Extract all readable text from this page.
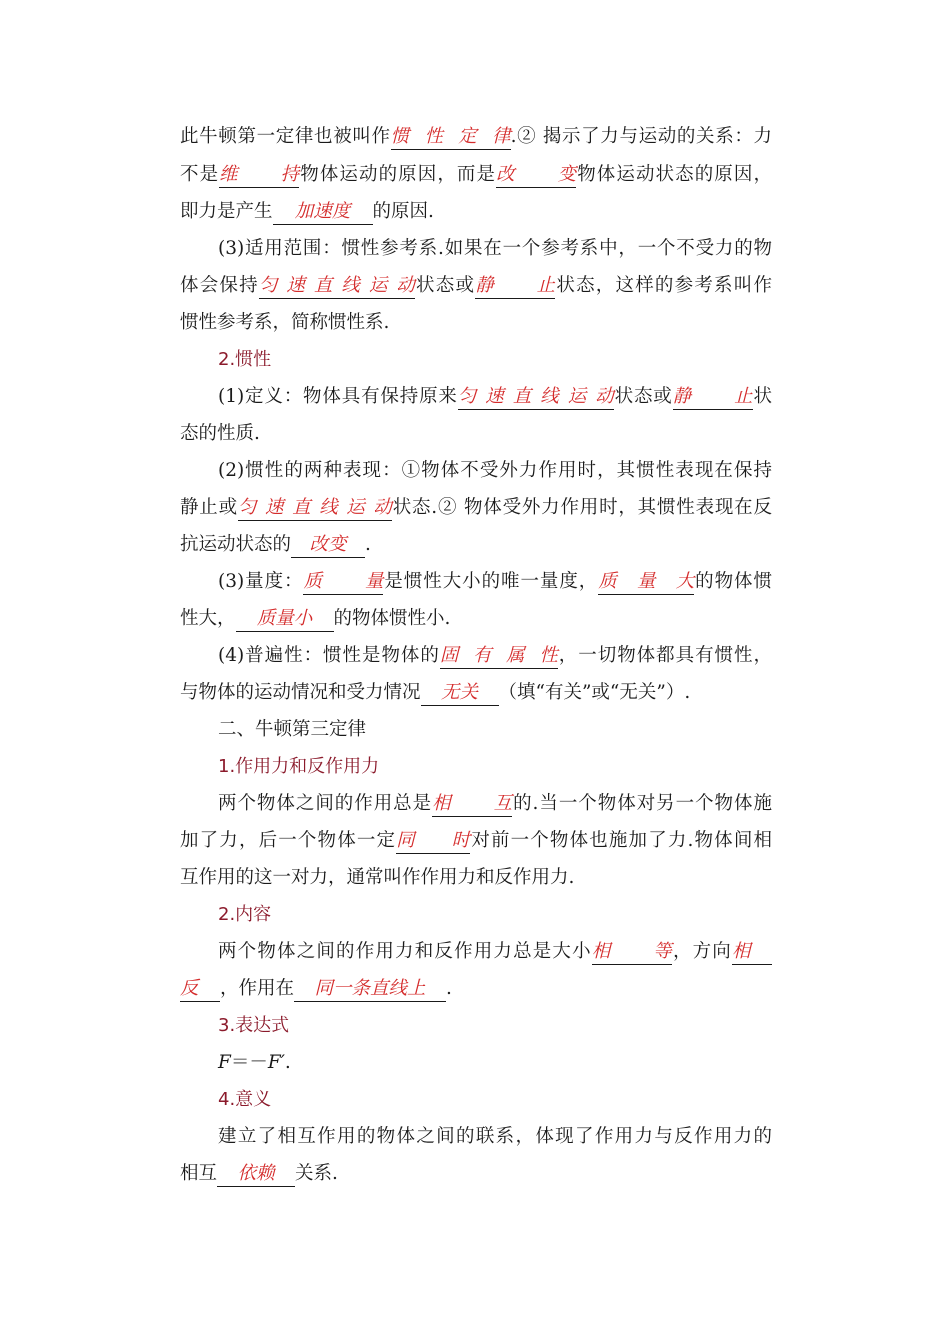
此牛顿第一定律也被叫作惯性定律.② 揭示了力与运动的关系：力
不是维持物体运动的原因，而是改变物体运动状态的原因，
即力是产生 加速度 的原因.
(3)适用范围：惯性参考系.如果在一个参考系中，一个不受力的物
体会保持匀速直线运动状态或静止状态，这样的参考系叫作
惯性参考系，简称惯性系.
2.惯性
(1)定义：物体具有保持原来匀速直线运动状态或静止状
态的性质.
(2)惯性的两种表现：①物体不受外力作用时，其惯性表现在保持
静止或匀速直线运动状态.② 物体受外力作用时，其惯性表现在反
抗运动状态的 改变 .
(3)量度：质量是惯性大小的唯一量度，质量大的物体惯
性大， 质量小 的物体惯性小.
(4)普遍性：惯性是物体的固有属性，一切物体都具有惯性，
与物体的运动情况和受力情况 无关 （填“有关”或“无关”）.
二、牛顿第三定律
1.作用力和反作用力
两个物体之间的作用总是相互的.当一个物体对另一个物体施
加了力，后一个物体一定同时对前一个物体也施加了力.物体间相
互作用的这一对力，通常叫作作用力和反作用力.
2.内容
两个物体之间的作用力和反作用力总是大小相等，方向相
反 ，作用在 同一条直线上 .
3.表达式
F＝－F′.
4.意义
建立了相互作用的物体之间的联系，体现了作用力与反作用力的
相互 依赖 关系.
